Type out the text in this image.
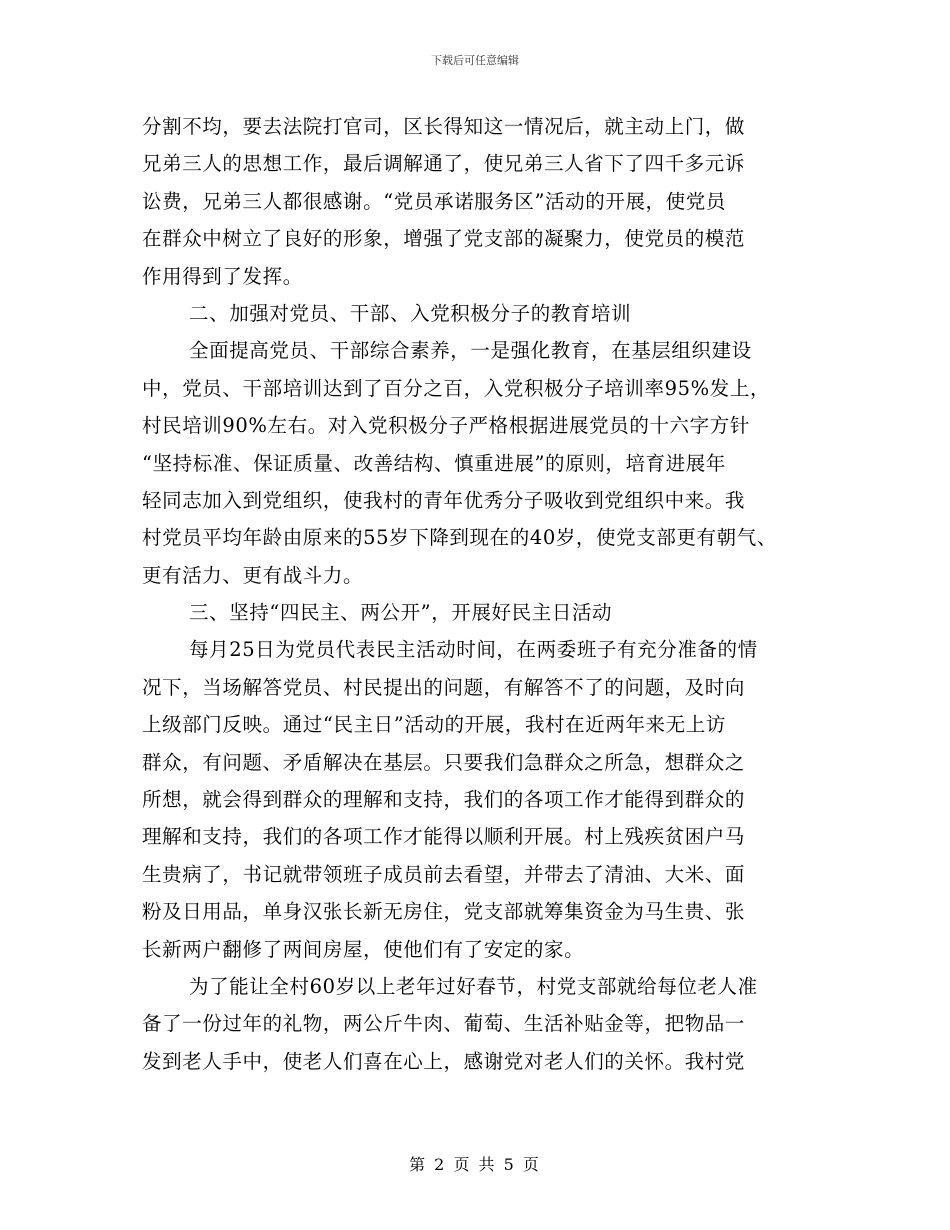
下载后可任意编辑
分割不均，要去法院打官司，区长得知这一情况后，就主动上门，做
兄弟三人的思想工作，最后调解通了，使兄弟三人省下了四千多元诉
讼费，兄弟三人都很感谢。“党员承诺服务区”活动的开展，使党员
在群众中树立了良好的形象，增强了党支部的凝聚力，使党员的模范
作用得到了发挥。
二、加强对党员、干部、入党积极分子的教育培训
全面提高党员、干部综合素养，一是强化教育，在基层组织建设
中，党员、干部培训达到了百分之百，入党积极分子培训率95%发上，
村民培训90%左右。对入党积极分子严格根据进展党员的十六字方针
“坚持标准、保证质量、改善结构、慎重进展”的原则，培育进展年
轻同志加入到党组织，使我村的青年优秀分子吸收到党组织中来。我
村党员平均年龄由原来的55岁下降到现在的40岁，使党支部更有朝气、
更有活力、更有战斗力。
三、坚持“四民主、两公开”，开展好民主日活动
每月25日为党员代表民主活动时间，在两委班子有充分准备的情
况下，当场解答党员、村民提出的问题，有解答不了的问题，及时向
上级部门反映。通过“民主日”活动的开展，我村在近两年来无上访
群众，有问题、矛盾解决在基层。只要我们急群众之所急，想群众之
所想，就会得到群众的理解和支持，我们的各项工作才能得到群众的
理解和支持，我们的各项工作才能得以顺利开展。村上残疾贫困户马
生贵病了，书记就带领班子成员前去看望，并带去了清油、大米、面
粉及日用品，单身汉张长新无房住，党支部就筹集资金为马生贵、张
长新两户翻修了两间房屋，使他们有了安定的家。
为了能让全村60岁以上老年过好春节，村党支部就给每位老人准
备了一份过年的礼物，两公斤牛肉、葡萄、生活补贴金等，把物品一
发到老人手中，使老人们喜在心上，感谢党对老人们的关怀。我村党
第 2 页 共 5 页
